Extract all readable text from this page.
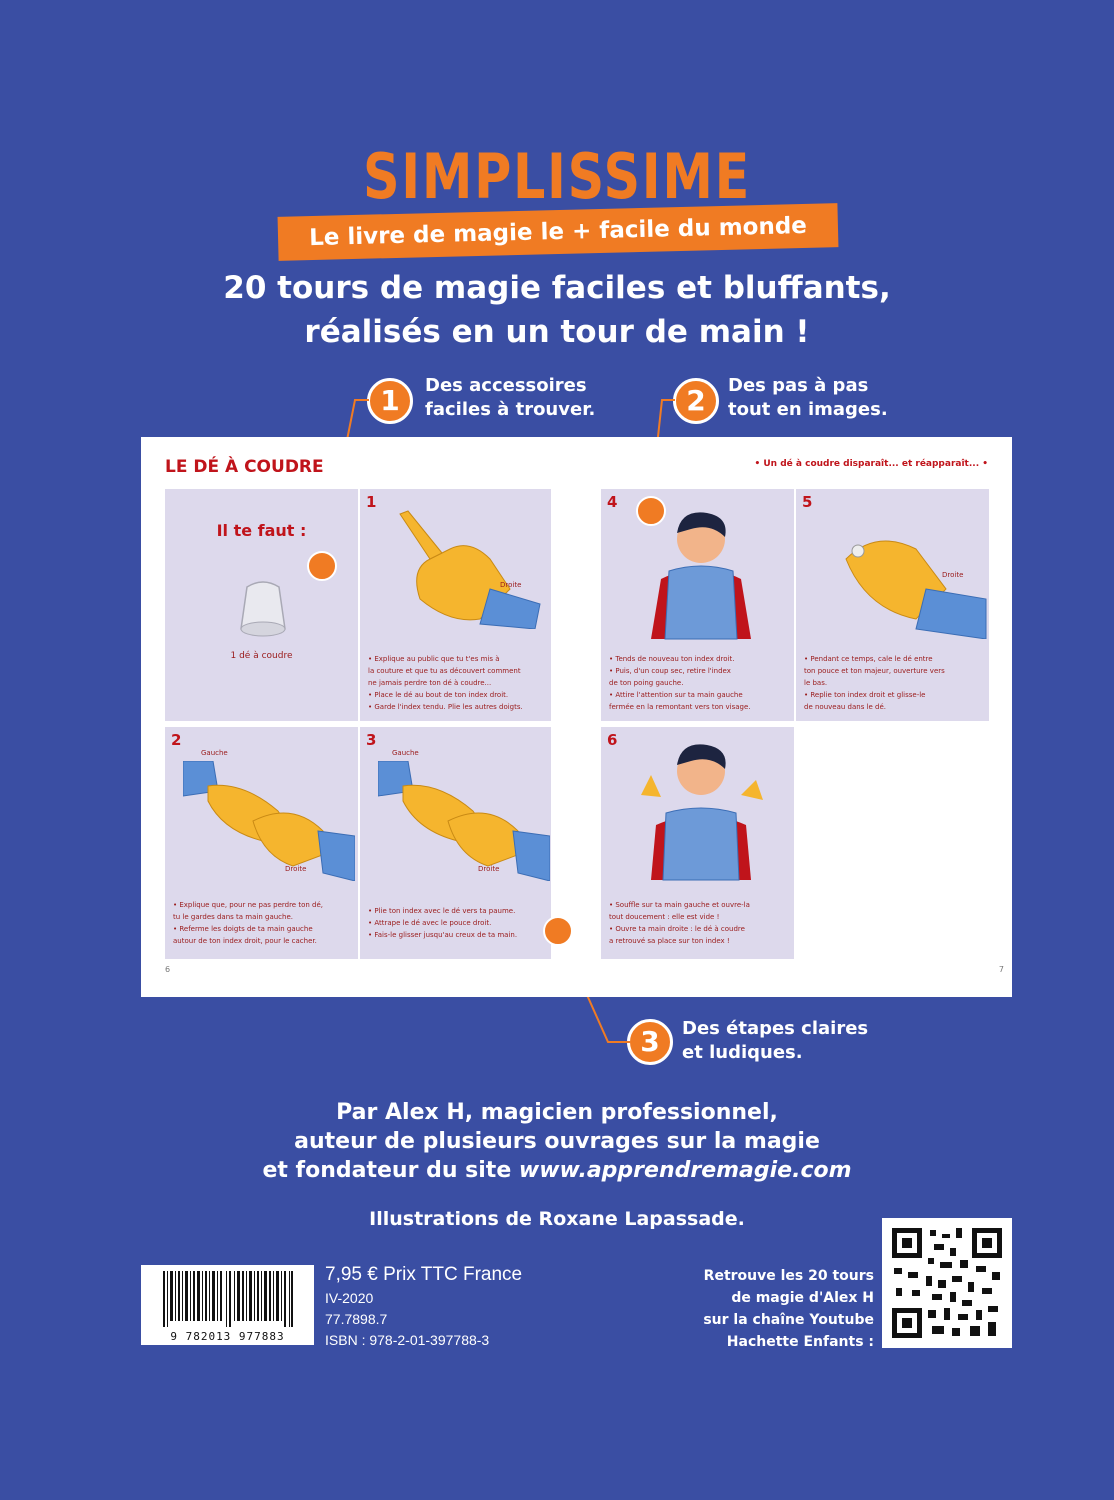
SIMPLISSIME
Le livre de magie le + facile du monde
20 tours de magie faciles et bluffants,
réalisés en un tour de main !
1	Des accessoires
faciles à trouver.	2	Des pas à pas
tout en images.
3	Des étapes claires
et ludiques.
LE DÉ À COUDRE	• Un dé à coudre disparaît... et réapparaît... •
Il te faut :
1 dé à coudre
1
Droite
• Explique au public que tu t'es mis à
la couture et que tu as découvert comment
ne jamais perdre ton dé à coudre...
• Place le dé au bout de ton index droit.
• Garde l'index tendu. Plie les autres doigts.
2
Gauche
Droite
• Explique que, pour ne pas perdre ton dé,
tu le gardes dans ta main gauche.
• Referme les doigts de ta main gauche
autour de ton index droit, pour le cacher.
3
Gauche
Droite
• Plie ton index avec le dé vers ta paume.
• Attrape le dé avec le pouce droit.
• Fais-le glisser jusqu'au creux de ta main.
4
• Tends de nouveau ton index droit.
• Puis, d'un coup sec, retire l'index
de ton poing gauche.
• Attire l'attention sur ta main gauche
fermée en la remontant vers ton visage.
5
Droite
• Pendant ce temps, cale le dé entre
ton pouce et ton majeur, ouverture vers
le bas.
• Replie ton index droit et glisse-le
de nouveau dans le dé.
6
• Souffle sur ta main gauche et ouvre-la
tout doucement : elle est vide !
• Ouvre ta main droite : le dé à coudre
a retrouvé sa place sur ton index !
6	7
Par Alex H, magicien professionnel,
auteur de plusieurs ouvrages sur la magie
et fondateur du site www.apprendremagie.com
Illustrations de Roxane Lapassade.
9 782013 977883
7,95 € Prix TTC France
IV-2020
77.7898.7
ISBN : 978-2-01-397788-3
Retrouve les 20 tours
de magie d'Alex H
sur la chaîne Youtube
Hachette Enfants :
